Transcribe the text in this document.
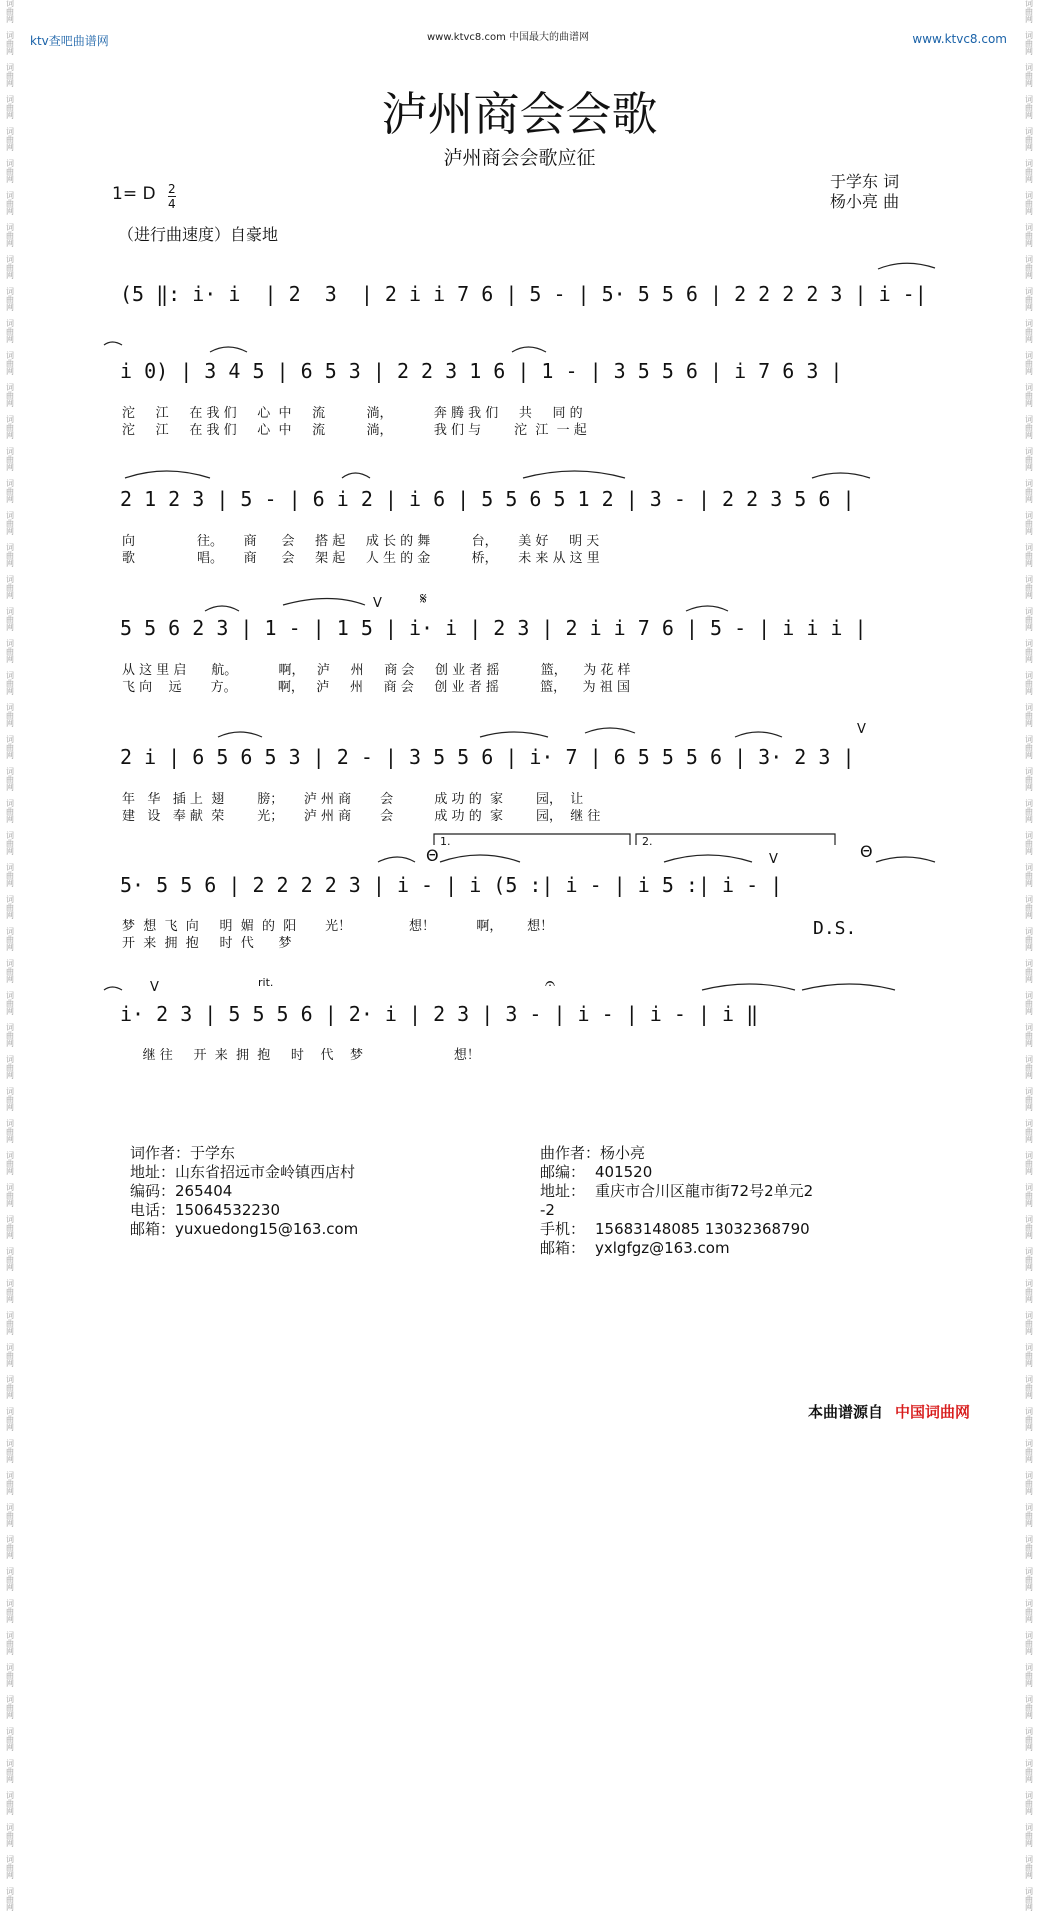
词
曲
网
词
曲
网
词
曲
网
词
曲
网
词
曲
网
词
曲
网
词
曲
网
词
曲
网
词
曲
网
词
曲
网
词
曲
网
词
曲
网
词
曲
网
词
曲
网
词
曲
网
词
曲
网
词
曲
网
词
曲
网
词
曲
网
词
曲
网
词
曲
网
词
曲
网
词
曲
网
词
曲
网
词
曲
网
词
曲
网
词
曲
网
词
曲
网
词
曲
网
词
曲
网
词
曲
网
词
曲
网
词
曲
网
词
曲
网
词
曲
网
词
曲
网
词
曲
网
词
曲
网
词
曲
网
词
曲
网
词
曲
网
词
曲
网
词
曲
网
词
曲
网
词
曲
网
词
曲
网
词
曲
网
词
曲
网
词
曲
网
词
曲
网
词
曲
网
词
曲
网
词
曲
网
词
曲
网
词
曲
网
词
曲
网
词
曲
网
词
曲
网
词
曲
网
词
曲
网
词
曲
网
词
曲
网
词
曲
网
词
曲
网
词
曲
网
词
曲
网
词
曲
网
词
曲
网
词
曲
网
词
曲
网
词
曲
网
词
曲
网
词
曲
网
词
曲
网
词
曲
网
词
曲
网
词
曲
网
词
曲
网
词
曲
网
词
曲
网
词
曲
网
词
曲
网
词
曲
网
词
曲
网
词
曲
网
词
曲
网
词
曲
网
词
曲
网
词
曲
网
词
曲
网
词
曲
网
词
曲
网
词
曲
网
词
曲
网
词
曲
网
词
曲
网
词
曲
网
词
曲
网
词
曲
网
词
曲
网
词
曲
网
词
曲
网
词
曲
网
词
曲
网
词
曲
网
词
曲
网
词
曲
网
词
曲
网
词
曲
网
词
曲
网
词
曲
网
词
曲
网
词
曲
网
词
曲
网
词
曲
网
词
曲
网
词
曲
网
词
曲
网
词
曲
网
词
曲
网
ktv查吧曲谱网	www.ktvc8.com 中国最大的曲谱网	www.ktvc8.com
泸州商会会歌
泸州商会会歌应征
于学东 词
杨小亮 曲
1= D 2
4
（进行曲速度）自豪地
(5 ‖: i· i  | 2  3  | 2 i i 7 6 | 5 - | 5· 5 5 6 | 2 2 2 2 3 | i -|
i 0) | 3 4 5 | 6 5 3 | 2 2 3 1 6 | 1 - | 3 5 5 6 | i 7 6 3 |
沱     江     在 我 们     心  中     流          淌，          奔 腾 我 们     共     同 的
沱     江     在 我 们     心  中     流          淌，          我 们 与        沱  江  一 起
2 1 2 3 | 5 - | 6 i 2 | i 6 | 5 5 6 5 1 2 | 3 - | 2 2 3 5 6 |
向               往。     商      会     搭 起     成 长 的 舞          台，     美 好     明 天
歌               唱。     商      会     架 起     人 生 的 金          桥，     未 来 从 这 里
V 𝄋
5 5 6 2 3 | 1 - | 1 5 | i· i | 2 3 | 2 i i 7 6 | 5 - | i i i |
从 这 里 启      航。          啊，   泸     州     商 会     创 业 者 摇          篮，    为 花 样
飞 向    远       方。          啊，   泸     州     商 会     创 业 者 摇          篮，    为 祖 国
V
2 i | 6 5 6 5 3 | 2 - | 3 5 5 6 | i· 7 | 6 5 5 5 6 | 3· 2 3 |
年   华   插 上  翅        膀；     泸 州 商       会          成 功 的  家        园，  让
建   设   奉 献  荣        光；     泸 州 商       会          成 功 的  家        园，  继 往
1.	2.
Θ	Θ
V
5· 5 5 6 | 2 2 2 2 3 | i - | i (5 :| i - | i 5 :| i - |
梦  想  飞  向     明  媚  的  阳       光！              想！          啊，      想！
开  来  拥  抱     时  代      梦
D.S.
rit.
V	𝄐
i· 2 3 | 5 5 5 6 | 2· i | 2 3 | 3 - | i - | i - | i ‖
继 往     开  来  拥  抱     时    代    梦                      想！
词作者：于学东
地址：山东省招远市金岭镇西店村
编码：265404
电话：15064532230
邮箱：yuxuedong15@163.com
曲作者：杨小亮
邮编： 401520
地址： 重庆市合川区龍市街72号2单元2
-2
手机： 15683148085 13032368790
邮箱： yxlgfgz@163.com
本曲谱源自 中国词曲网
